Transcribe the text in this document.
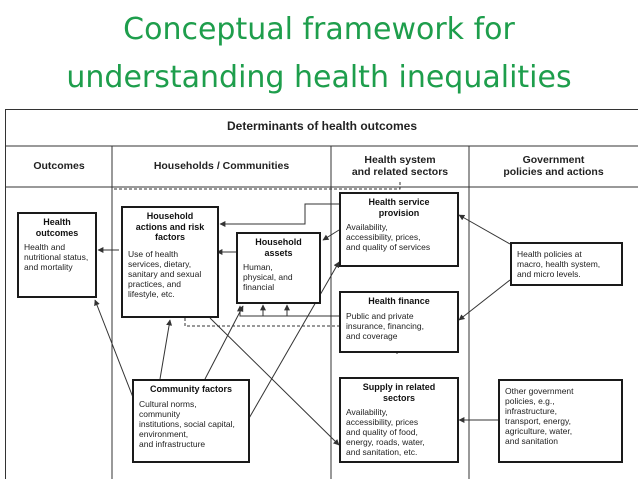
Conceptual framework for
understanding health inequalities
Determinants of health outcomes
Outcomes	Households / Communities	Health system
and related sectors
Government
policies and actions
Health
outcomes
Health and
nutritional status,
and mortality
Household
actions and risk
factors
Use of health
services, dietary,
sanitary and sexual
practices, and
lifestyle, etc.
Household
assets
Human,
physical, and
financial
Health service
provision
Availability,
accessibility, prices,
and quality of services
Health finance
Public and private
insurance, financing,
and coverage
Community factors
Cultural norms,
community
institutions, social capital,
environment,
and infrastructure
Supply in related sectors
Availability,
accessibility, prices
and quality of food,
energy, roads, water,
and sanitation, etc.
Health policies at
macro, health system,
and micro levels.
Other government
policies, e.g.,
infrastructure,
transport, energy,
agriculture, water,
and sanitation
